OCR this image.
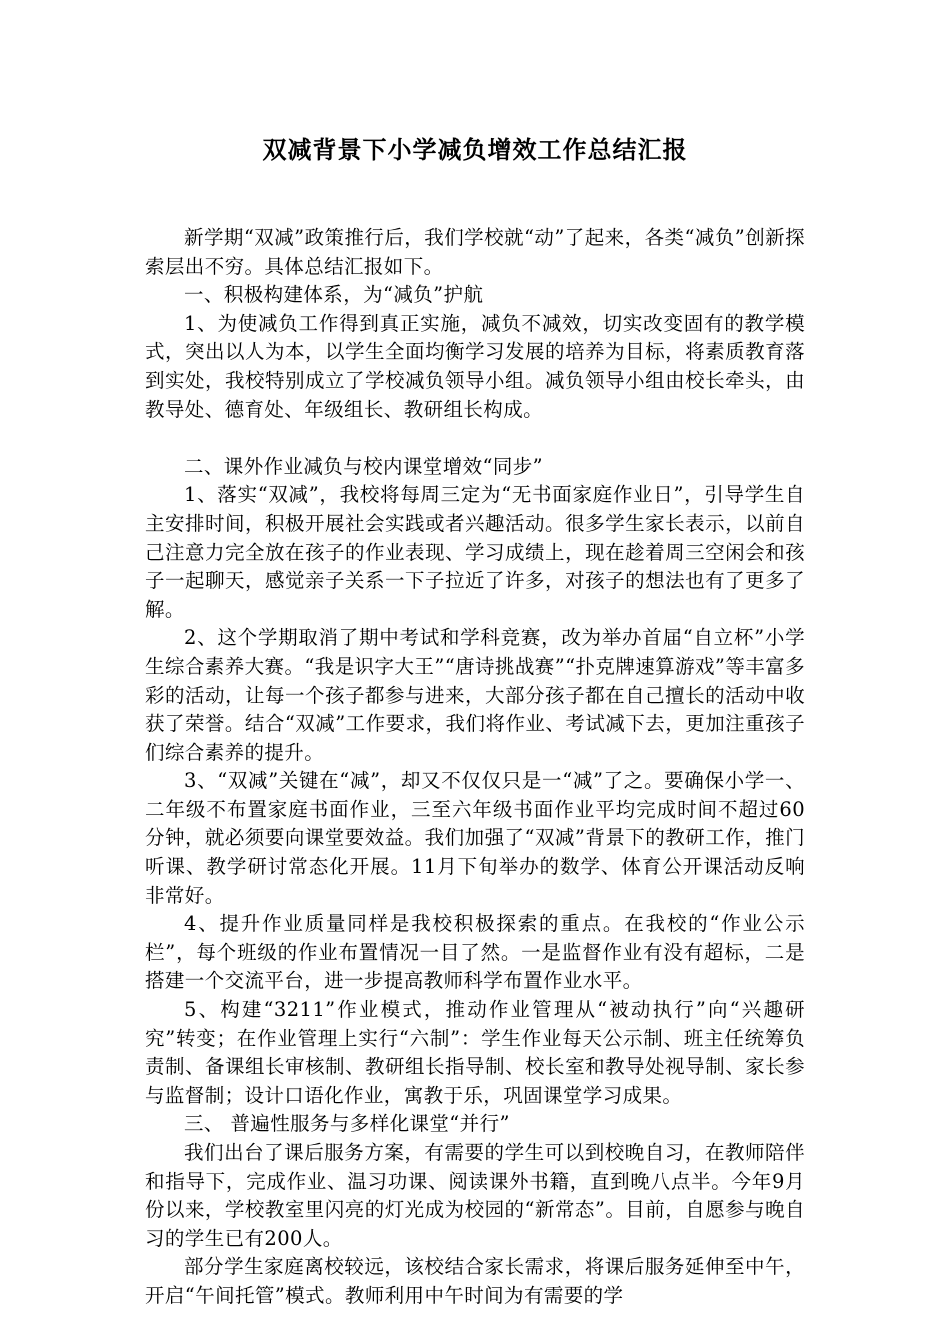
双减背景下小学减负增效工作总结汇报

新学期“双减”政策推行后，我们学校就“动”了起来，各类“减负”创新探索层出不穷。具体总结汇报如下。

一、积极构建体系，为“减负”护航

1、为使减负工作得到真正实施，减负不减效，切实改变固有的教学模式，突出以人为本，以学生全面均衡学习发展的培养为目标，将素质教育落到实处，我校特别成立了学校减负领导小组。减负领导小组由校长牵头，由教导处、德育处、年级组长、教研组长构成。

二、课外作业减负与校内课堂增效“同步”

1、落实“双减”，我校将每周三定为“无书面家庭作业日”，引导学生自主安排时间，积极开展社会实践或者兴趣活动。很多学生家长表示，以前自己注意力完全放在孩子的作业表现、学习成绩上，现在趁着周三空闲会和孩子一起聊天，感觉亲子关系一下子拉近了许多，对孩子的想法也有了更多了解。

2、这个学期取消了期中考试和学科竞赛，改为举办首届“自立杯”小学生综合素养大赛。“我是识字大王”“唐诗挑战赛”“扑克牌速算游戏”等丰富多彩的活动，让每一个孩子都参与进来，大部分孩子都在自己擅长的活动中收获了荣誉。结合“双减”工作要求，我们将作业、考试减下去，更加注重孩子们综合素养的提升。

3、“双减”关键在“减”，却又不仅仅只是一“减”了之。要确保小学一、二年级不布置家庭书面作业，三至六年级书面作业平均完成时间不超过60分钟，就必须要向课堂要效益。我们加强了“双减”背景下的教研工作，推门听课、教学研讨常态化开展。11月下旬举办的数学、体育公开课活动反响非常好。

4、提升作业质量同样是我校积极探索的重点。在我校的“作业公示栏”，每个班级的作业布置情况一目了然。一是监督作业有没有超标，二是搭建一个交流平台，进一步提高教师科学布置作业水平。

5、构建“3211”作业模式，推动作业管理从“被动执行”向“兴趣研究”转变；在作业管理上实行“六制”：学生作业每天公示制、班主任统筹负责制、备课组长审核制、教研组长指导制、校长室和教导处视导制、家长参与监督制；设计口语化作业，寓教于乐，巩固课堂学习成果。

三、 普遍性服务与多样化课堂“并行”

我们出台了课后服务方案，有需要的学生可以到校晚自习，在教师陪伴和指导下，完成作业、温习功课、阅读课外书籍，直到晚八点半。今年9月份以来，学校教室里闪亮的灯光成为校园的“新常态”。目前，自愿参与晚自习的学生已有200人。

部分学生家庭离校较远，该校结合家长需求，将课后服务延伸至中午，开启“午间托管”模式。教师利用中午时间为有需要的学
